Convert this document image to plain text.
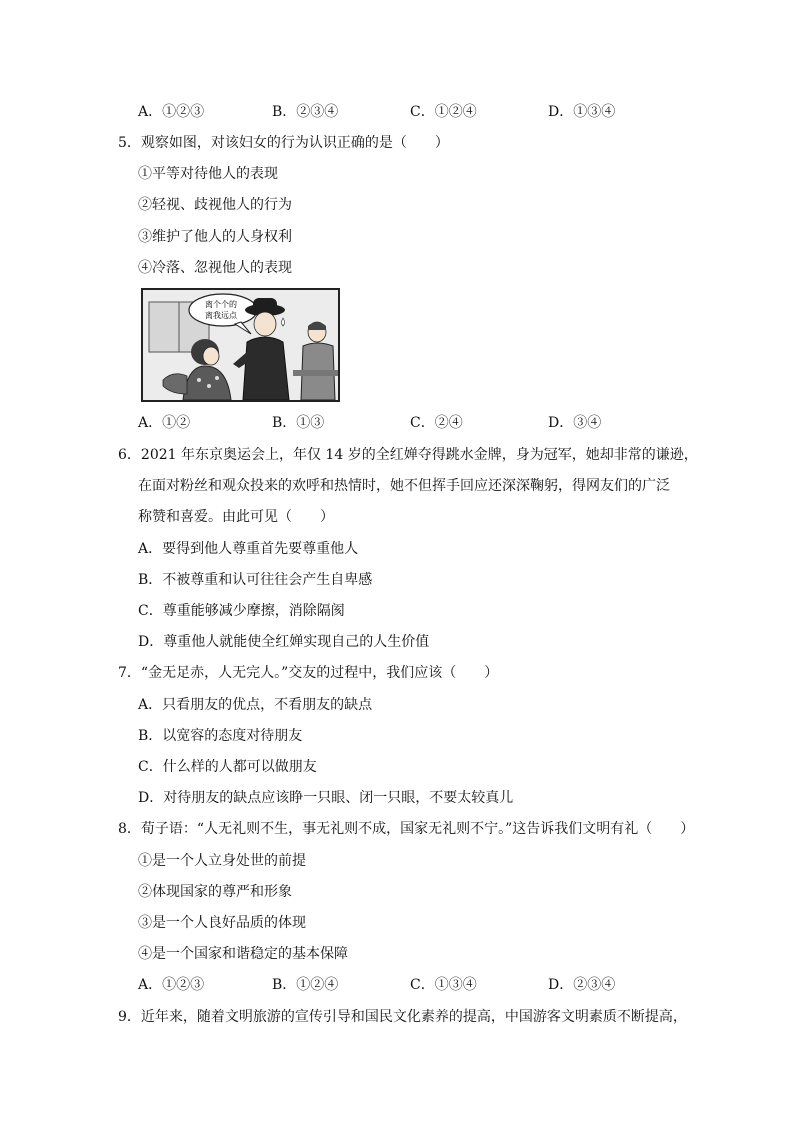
A．①②③	B．②③④	C．①②④	D．①③④
5．观察如图，对该妇女的行为认识正确的是（　　）
①平等对待他人的表现
②轻视、歧视他人的行为
③维护了他人的人身权利
④冷落、忽视他人的表现
离个个的
离我远点
A．①②	B．①③	C．②④	D．③④
6．2021 年东京奥运会上，年仅 14 岁的全红婵夺得跳水金牌，身为冠军，她却非常的谦逊，
在面对粉丝和观众投来的欢呼和热情时，她不但挥手回应还深深鞠躬，得网友们的广泛
称赞和喜爱。由此可见（　　）
A．要得到他人尊重首先要尊重他人
B．不被尊重和认可往往会产生自卑感
C．尊重能够减少摩擦，消除隔阂
D．尊重他人就能使全红婵实现自己的人生价值
7．“金无足赤，人无完人。”交友的过程中，我们应该（　　）
A．只看朋友的优点，不看朋友的缺点
B．以宽容的态度对待朋友
C．什么样的人都可以做朋友
D．对待朋友的缺点应该睁一只眼、闭一只眼，不要太较真儿
8．荀子语：“人无礼则不生，事无礼则不成，国家无礼则不宁。”这告诉我们文明有礼（　　）
①是一个人立身处世的前提
②体现国家的尊严和形象
③是一个人良好品质的体现
④是一个国家和谐稳定的基本保障
A．①②③	B．①②④	C．①③④	D．②③④
9．近年来，随着文明旅游的宣传引导和国民文化素养的提高，中国游客文明素质不断提高，
